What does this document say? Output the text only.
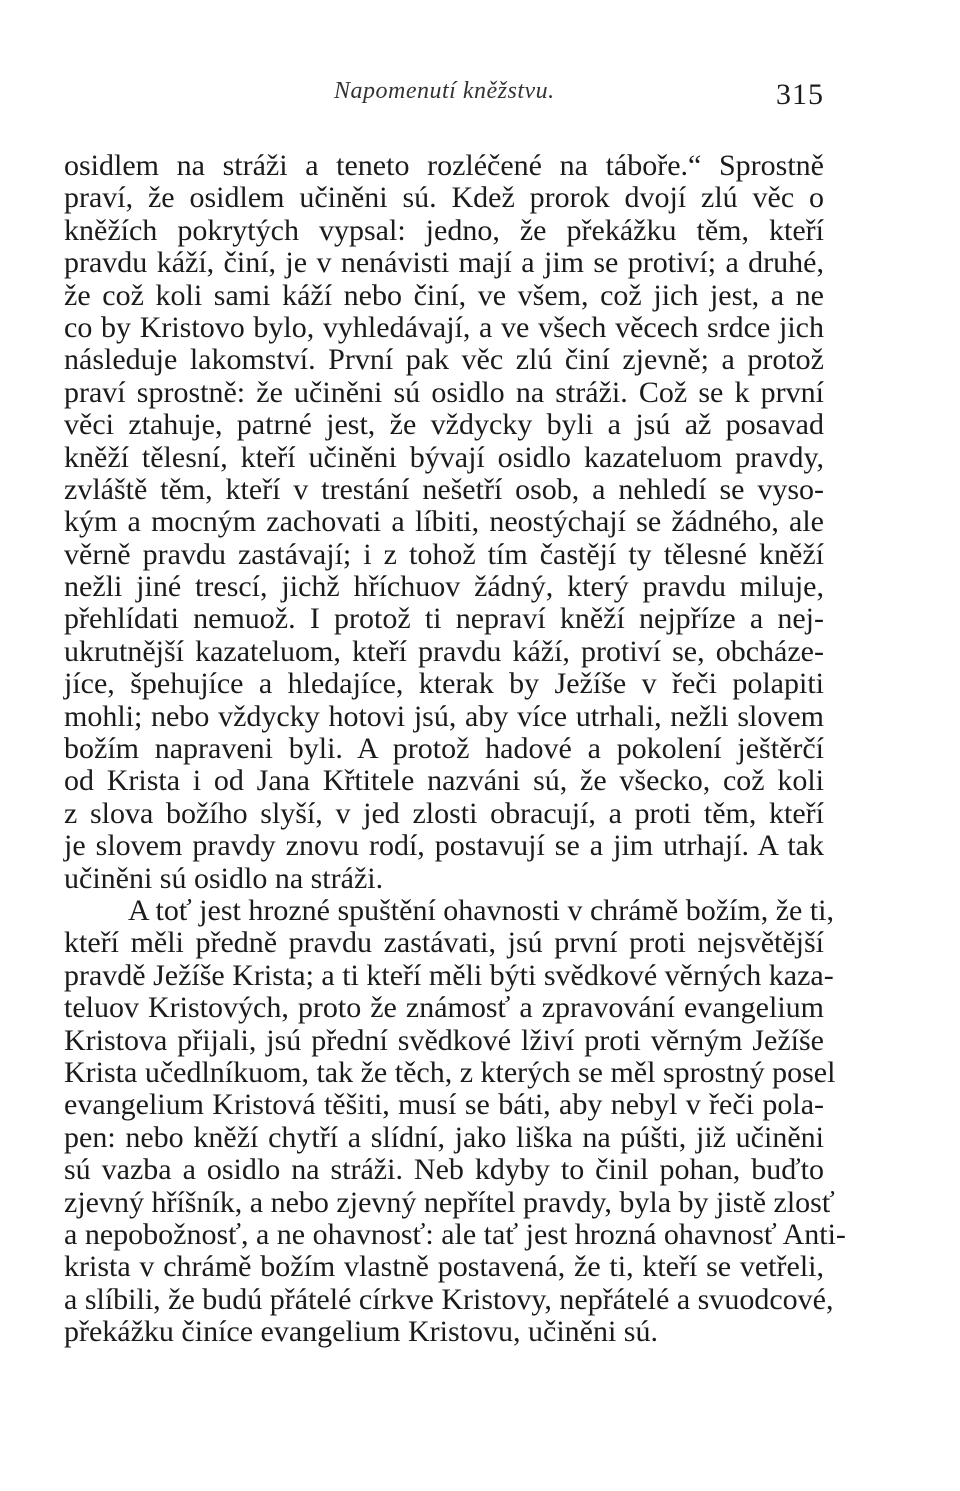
Napomenutí kněžstvu.	315
osidlem na stráži a teneto rozléčené na tábořе.“ Sprostně
praví, že osidlem učiněni sú. Kdež prorok dvojí zlú věc o
kněžích pokrytých vypsal: jedno, že překážku těm, kteří
pravdu káží, činí, je v nenávisti mají a jim se protiví; a druhé,
že což koli sami káží nebo činí, ve všem, což jich jest, a ne
co by Kristovo bylo, vyhledávají, a ve všech věcech srdce jich
následuje lakomství. První pak věc zlú činí zjevně; a protož
praví sprostně: že učiněni sú osidlo na stráži. Což se k první
věci ztahuje, patrné jest, že vždycky byli a jsú až posavad
kněží tělesní, kteří učiněni bývají osidlo kazateluom pravdy,
zvláště těm, kteří v trestání nešetří osob, a nehledí se vyso-
kým a mocným zachovati a líbiti, neostýchají se žádného, ale
věrně pravdu zastávají; i z tohož tím častějí ty tělesné kněží
nežli jiné trescí, jichž hříchuov žádný, který pravdu miluje,
přehlídati nemuož. I protož ti nepraví kněží nejpříze a nej-
ukrutnější kazateluom, kteří pravdu káží, protiví se, obcháze-
jíce, špehujíce a hledajíce, kterak by Ježíše v řeči polapiti
mohli; nebo vždycky hotovi jsú, aby více utrhali, nežli slovem
božím napraveni byli. A protož hadové a pokolení ještěrčí
od Krista i od Jana Křtitele nazváni sú, že všecko, což koli
z slova božího slyší, v jed zlosti obracují, a proti těm, kteří
je slovem pravdy znovu rodí, postavují se a jim utrhají. A tak
učiněni sú osidlo na stráži.
A toť jest hrozné spuštění ohavnosti v chrámě božím, že ti,
kteří měli předně pravdu zastávati, jsú první proti nejsvětější
pravdě Ježíše Krista; a ti kteří měli býti svědkové věrných kaza-
teluov Kristových, proto že známosť a zpravování evangelium
Kristova přijali, jsú přední svědkové lživí proti věrným Ježíše
Krista učedlníkuom, tak že těch, z kterých se měl sprostný posel
evangelium Kristová těšiti, musí se báti, aby nebyl v řeči pola-
pen: nebo kněží chytří a slídní, jako liška na púšti, již učiněni
sú vazba a osidlo na stráži. Neb kdyby to činil pohan, buďto
zjevný hříšník, a nebo zjevný nepřítel pravdy, byla by jistě zlosť
a nepobožnosť, a ne ohavnosť: ale tať jest hrozná ohavnosť Anti-
krista v chrámě božím vlastně postavená, že ti, kteří se vetřeli,
a slíbili, že budú přátelé církve Kristovy, nepřátelé a svuodcové,
překážku činíce evangelium Kristovu, učiněni sú.
